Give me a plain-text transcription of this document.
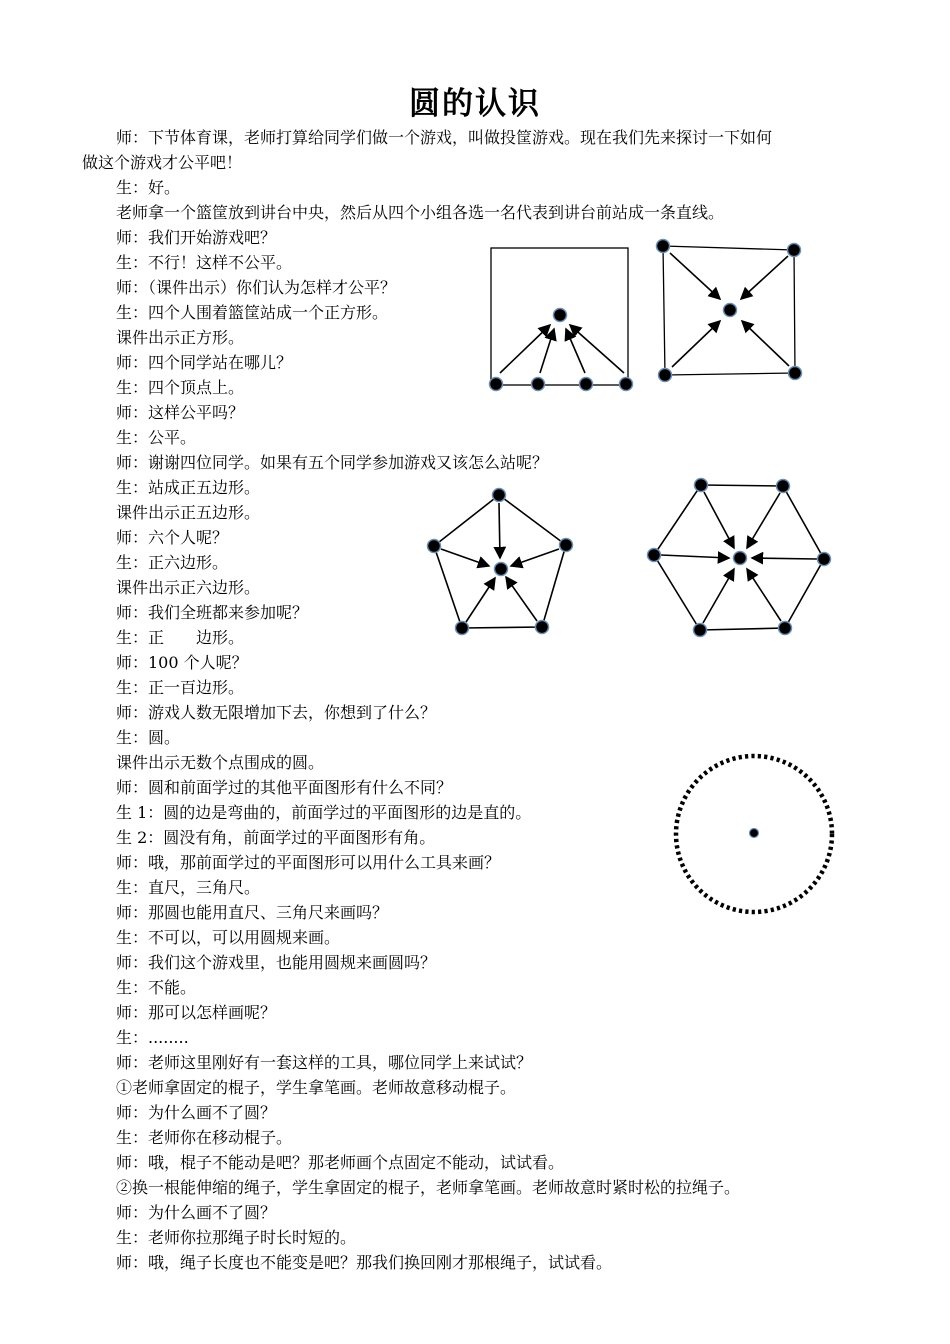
圆的认识
师：下节体育课，老师打算给同学们做一个游戏，叫做投筐游戏。现在我们先来探讨一下如何
做这个游戏才公平吧！
生：好。
老师拿一个篮筐放到讲台中央，然后从四个小组各选一名代表到讲台前站成一条直线。
师：我们开始游戏吧？
生：不行！这样不公平。
师：（课件出示）你们认为怎样才公平？
生：四个人围着篮筐站成一个正方形。
课件出示正方形。
师：四个同学站在哪儿？
生：四个顶点上。
师：这样公平吗？
生：公平。
师：谢谢四位同学。如果有五个同学参加游戏又该怎么站呢？
生：站成正五边形。
课件出示正五边形。
师：六个人呢？
生：正六边形。
课件出示正六边形。
师：我们全班都来参加呢？
生：正　　边形。
师：100 个人呢？
生：正一百边形。
师：游戏人数无限增加下去，你想到了什么？
生：圆。
课件出示无数个点围成的圆。
师：圆和前面学过的其他平面图形有什么不同？
生 1：圆的边是弯曲的，前面学过的平面图形的边是直的。
生 2：圆没有角，前面学过的平面图形有角。
师：哦，那前面学过的平面图形可以用什么工具来画？
生：直尺，三角尺。
师：那圆也能用直尺、三角尺来画吗？
生：不可以，可以用圆规来画。
师：我们这个游戏里，也能用圆规来画圆吗？
生：不能。
师：那可以怎样画呢？
生：........
师：老师这里刚好有一套这样的工具，哪位同学上来试试？
①老师拿固定的棍子，学生拿笔画。老师故意移动棍子。
师：为什么画不了圆？
生：老师你在移动棍子。
师：哦，棍子不能动是吧？那老师画个点固定不能动，试试看。
②换一根能伸缩的绳子，学生拿固定的棍子，老师拿笔画。老师故意时紧时松的拉绳子。
师：为什么画不了圆？
生：老师你拉那绳子时长时短的。
师：哦，绳子长度也不能变是吧？那我们换回刚才那根绳子，试试看。
